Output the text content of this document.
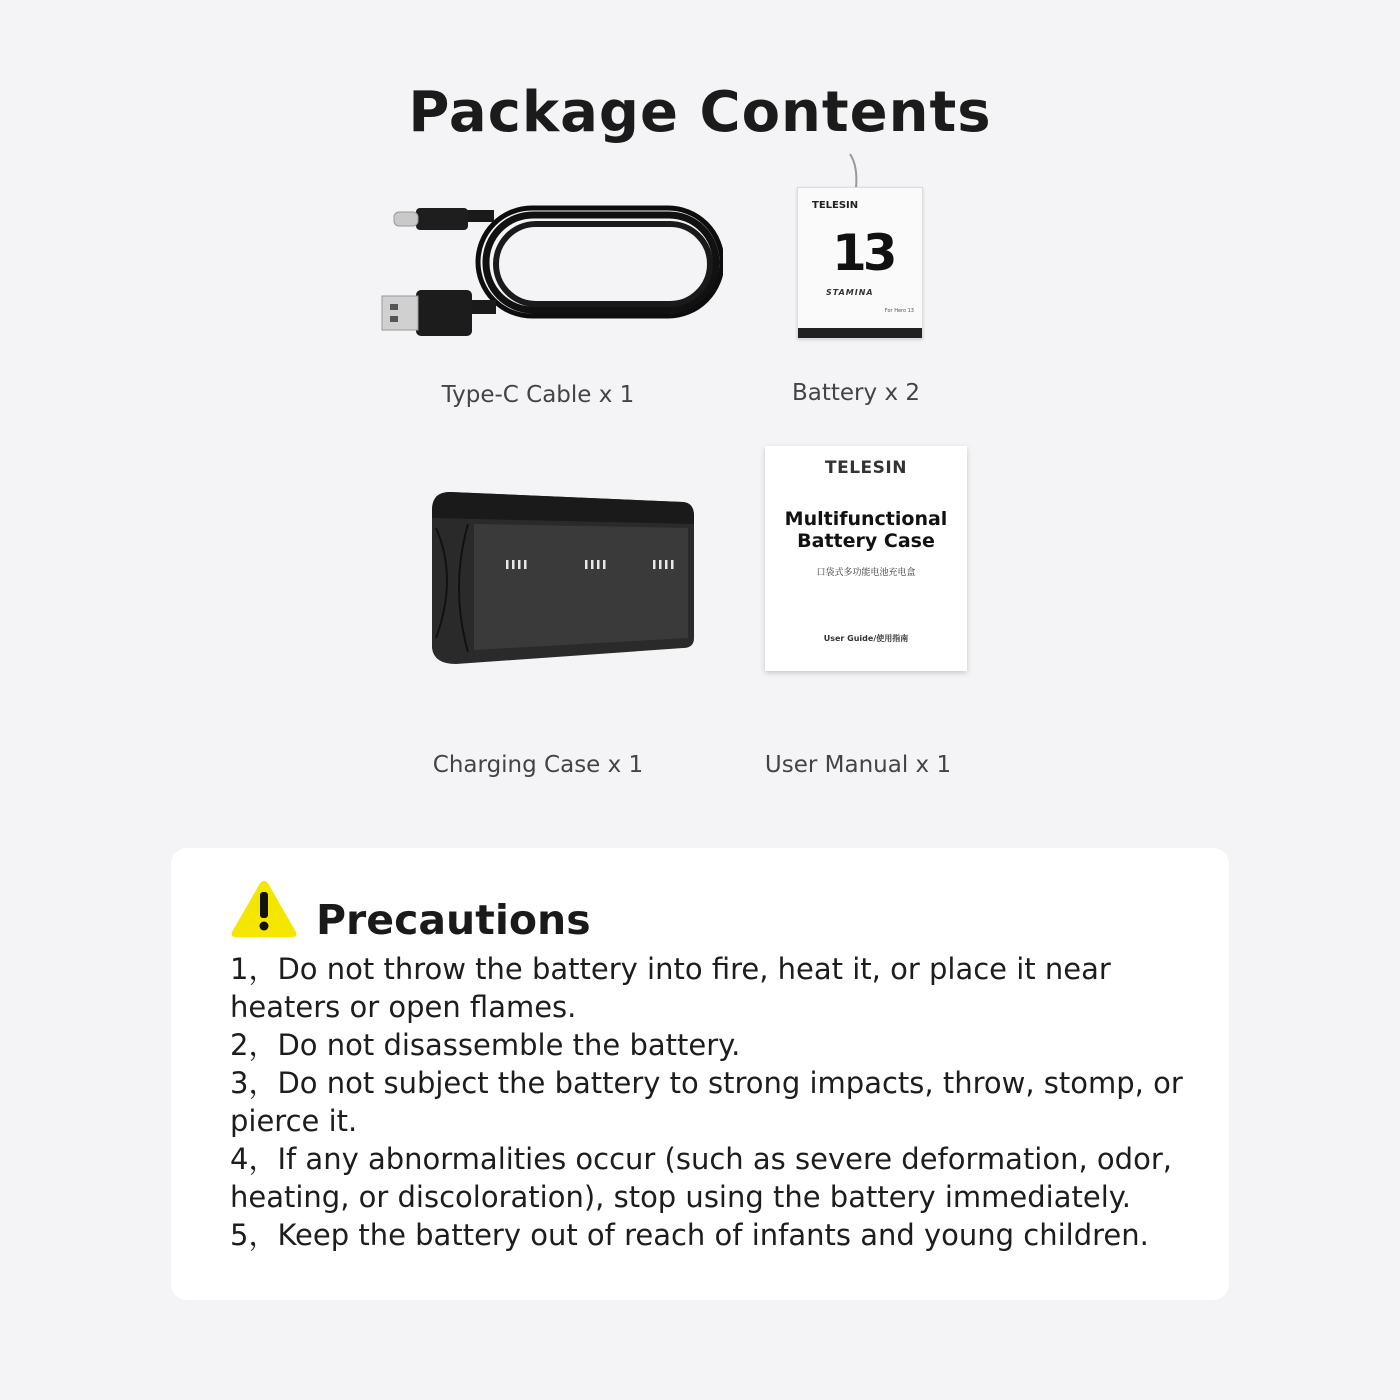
Package Contents
Type-C Cable x 1
TELESIN
13
STAMINA
For Hero 13
Battery x 2
Charging Case x 1
TELESIN
Multifunctional
Battery Case
口袋式多功能电池充电盒
User Guide/使用指南
User Manual x 1
Precautions
1，Do not throw the battery into fire, heat it, or place it near heaters or open flames.
2，Do not disassemble the battery.
3，Do not subject the battery to strong impacts, throw, stomp, or pierce it.
4，If any abnormalities occur (such as severe deformation, odor, heating, or discoloration), stop using the battery immediately.
5，Keep the battery out of reach of infants and young children.
